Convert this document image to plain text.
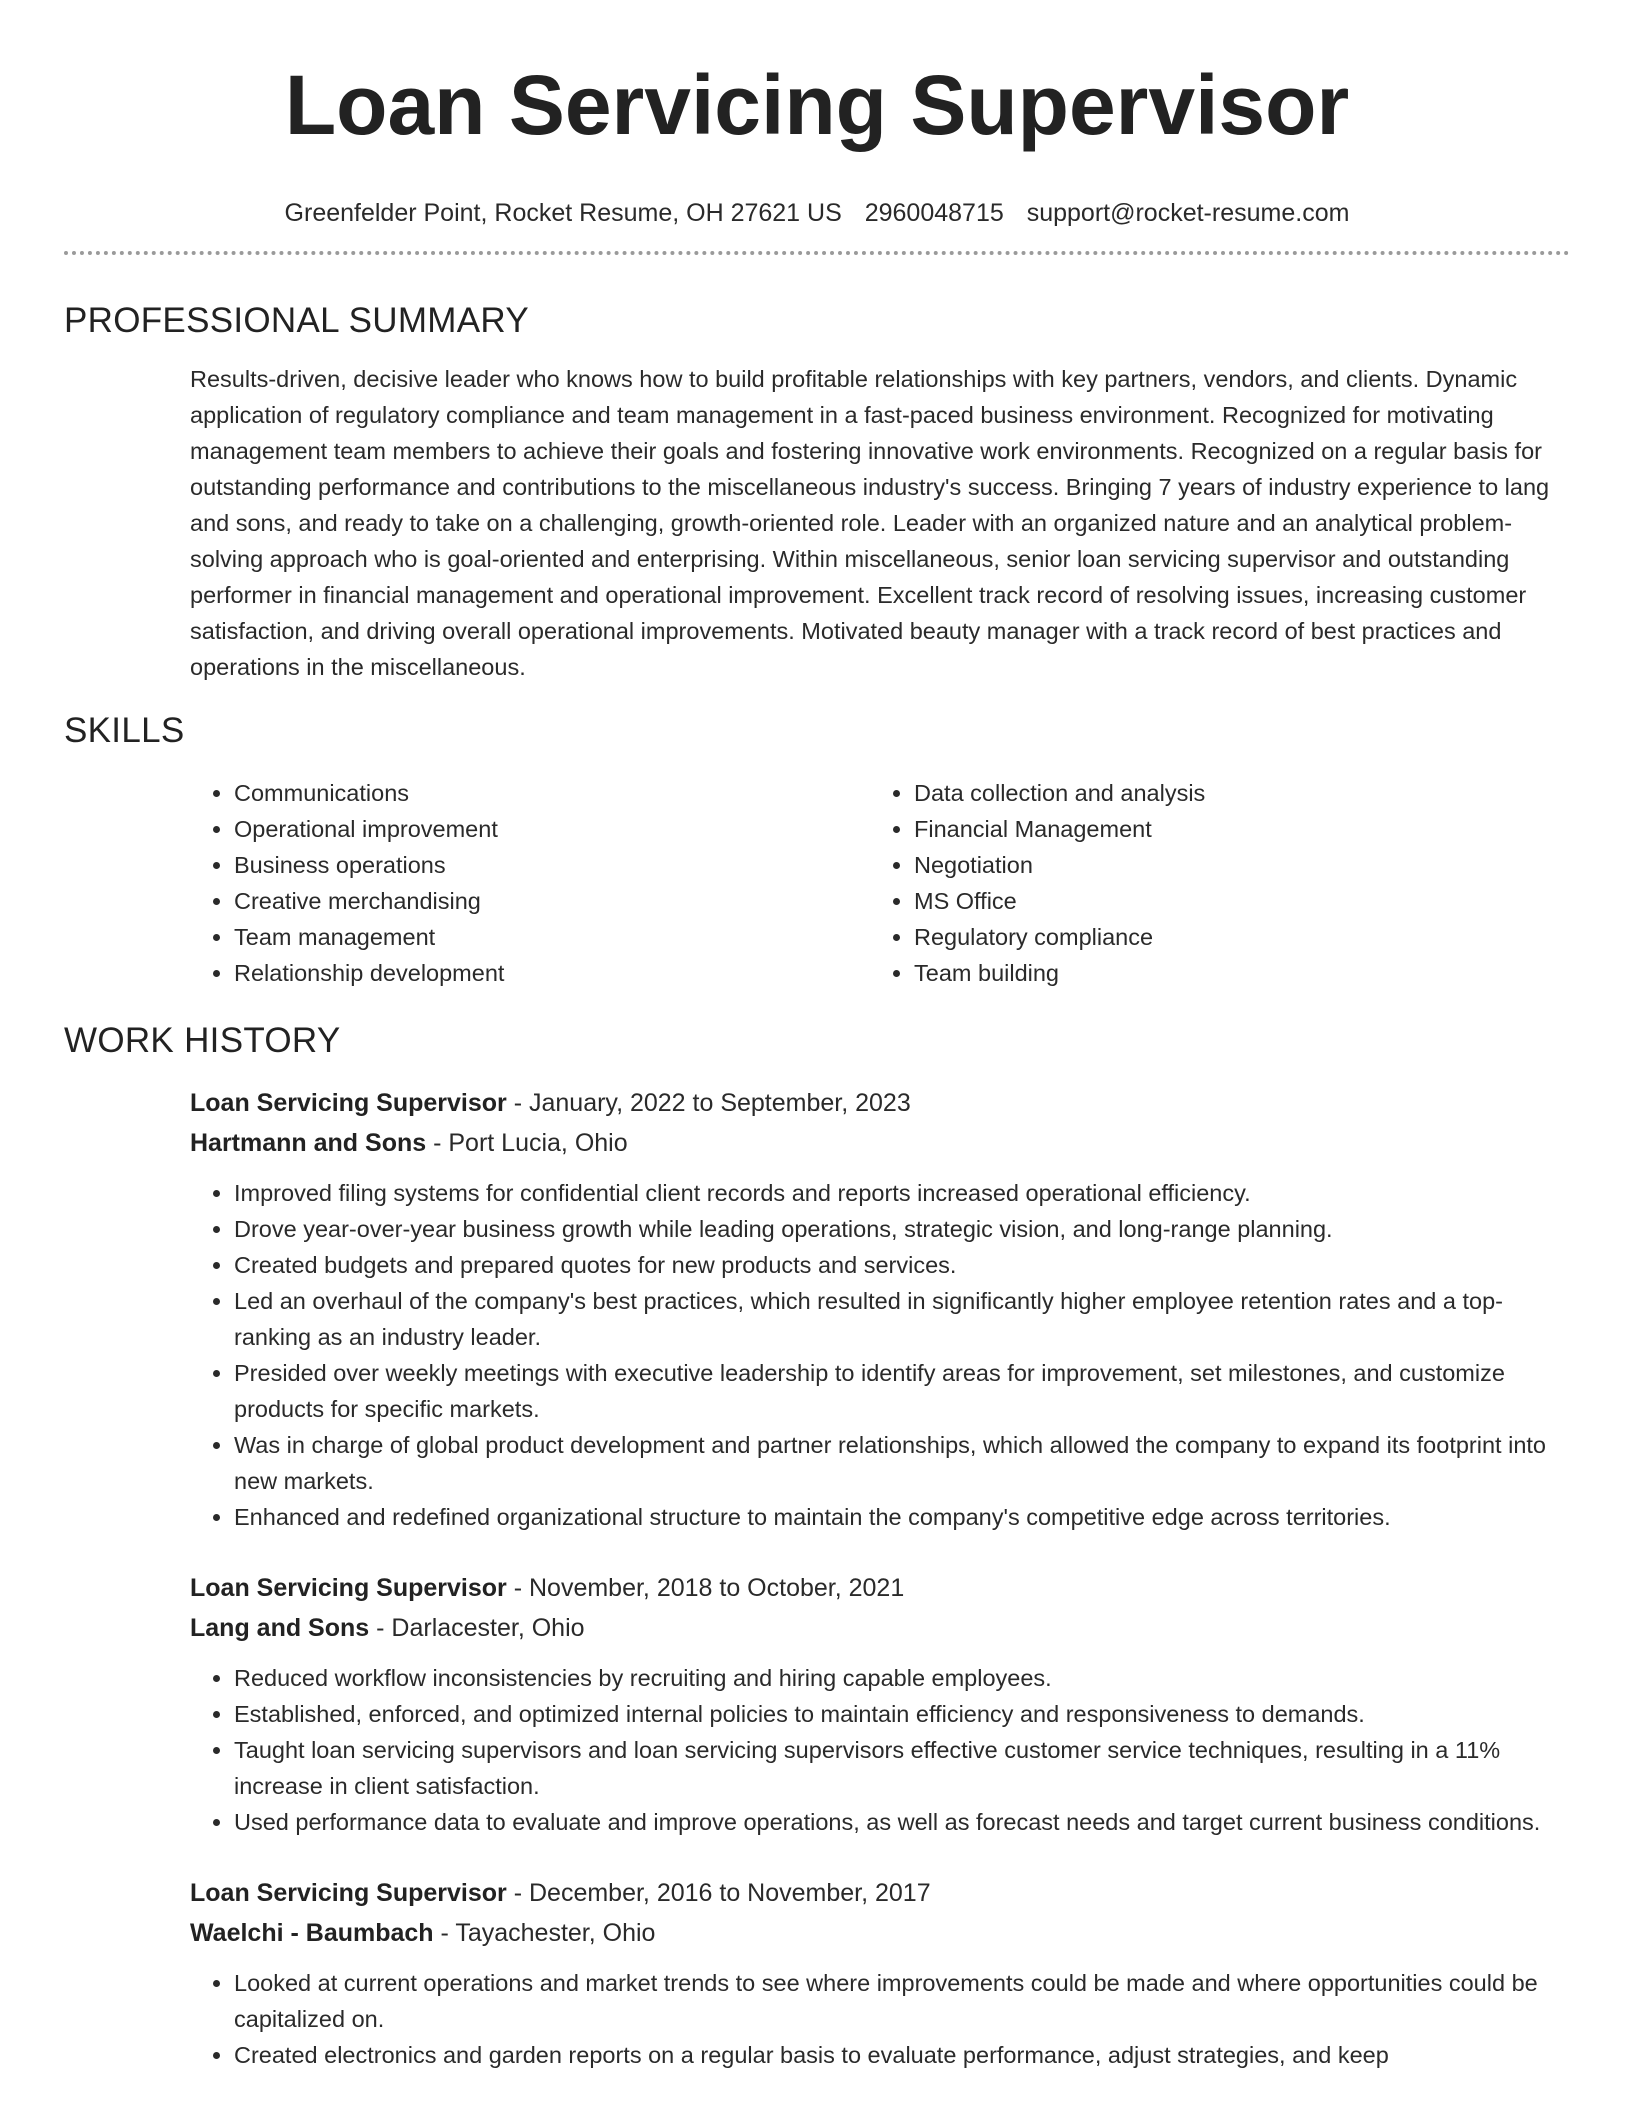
Loan Servicing Supervisor
Greenfelder Point, Rocket Resume, OH 27621 US 2960048715 support@rocket-resume.com
PROFESSIONAL SUMMARY

Results-driven, decisive leader who knows how to build profitable relationships with key partners, vendors, and clients. Dynamic application of regulatory compliance and team management in a fast-paced business environment. Recognized for motivating management team members to achieve their goals and fostering innovative work environments. Recognized on a regular basis for outstanding performance and contributions to the miscellaneous industry's success. Bringing 7 years of industry experience to lang and sons, and ready to take on a challenging, growth-oriented role. Leader with an organized nature and an analytical problem-solving approach who is goal-oriented and enterprising. Within miscellaneous, senior loan servicing supervisor and outstanding performer in financial management and operational improvement. Excellent track record of resolving issues, increasing customer satisfaction, and driving overall operational improvements. Motivated beauty manager with a track record of best practices and operations in the miscellaneous.

SKILLS
• Communications
• Operational improvement
• Business operations
• Creative merchandising
• Team management
• Relationship development
• Data collection and analysis
• Financial Management
• Negotiation
• MS Office
• Regulatory compliance
• Team building
WORK HISTORY
Loan Servicing Supervisor - January, 2022 to September, 2023
Hartmann and Sons - Port Lucia, Ohio
• Improved filing systems for confidential client records and reports increased operational efficiency.
• Drove year-over-year business growth while leading operations, strategic vision, and long-range planning.
• Created budgets and prepared quotes for new products and services.
• Led an overhaul of the company's best practices, which resulted in significantly higher employee retention rates and a top-ranking as an industry leader.
• Presided over weekly meetings with executive leadership to identify areas for improvement, set milestones, and customize products for specific markets.
• Was in charge of global product development and partner relationships, which allowed the company to expand its footprint into new markets.
• Enhanced and redefined organizational structure to maintain the company's competitive edge across territories.
Loan Servicing Supervisor - November, 2018 to October, 2021
Lang and Sons - Darlacester, Ohio
• Reduced workflow inconsistencies by recruiting and hiring capable employees.
• Established, enforced, and optimized internal policies to maintain efficiency and responsiveness to demands.
• Taught loan servicing supervisors and loan servicing supervisors effective customer service techniques, resulting in a 11% increase in client satisfaction.
• Used performance data to evaluate and improve operations, as well as forecast needs and target current business conditions.
Loan Servicing Supervisor - December, 2016 to November, 2017
Waelchi - Baumbach - Tayachester, Ohio
• Looked at current operations and market trends to see where improvements could be made and where opportunities could be capitalized on.
• Created electronics and garden reports on a regular basis to evaluate performance, adjust strategies, and keep
